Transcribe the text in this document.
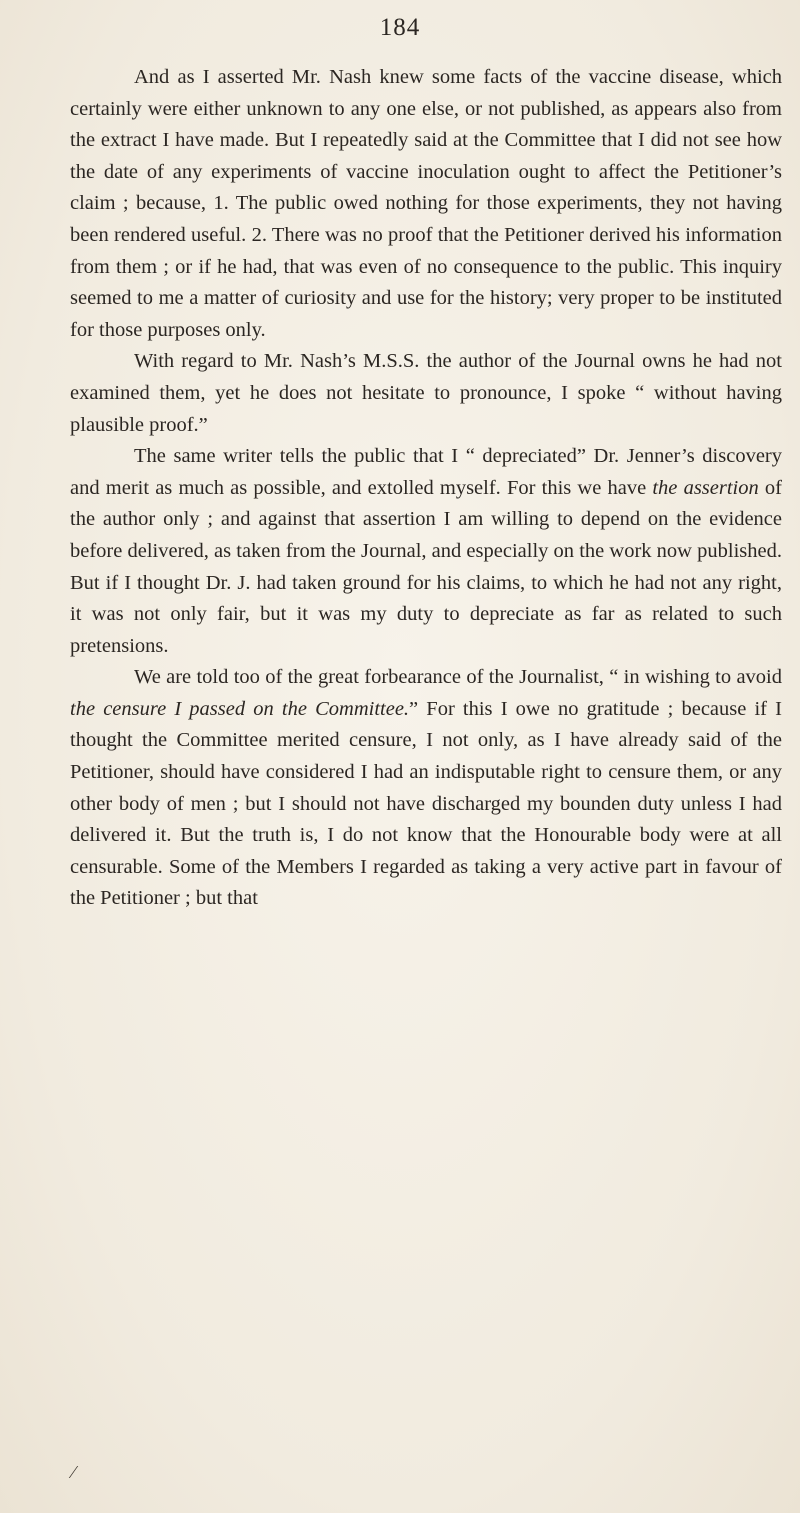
184

And as I asserted Mr. Nash knew some facts of the vaccine disease, which certainly were either unknown to any one else, or not published, as appears also from the extract I have made. But I repeatedly said at the Committee that I did not see how the date of any experiments of vaccine inoculation ought to affect the Petitioner’s claim ; because, 1. The public owed nothing for those experiments, they not having been rendered useful. 2. There was no proof that the Petitioner derived his information from them ; or if he had, that was even of no consequence to the public. This inquiry seemed to me a matter of curiosity and use for the history; very proper to be instituted for those purposes only.

With regard to Mr. Nash’s M.S.S. the author of the Journal owns he had not examined them, yet he does not hesitate to pronounce, I spoke “ without having plausible proof.”

The same writer tells the public that I “ depreciated” Dr. Jenner’s discovery and merit as much as possible, and extolled myself. For this we have the assertion of the author only ; and against that assertion I am willing to depend on the evidence before delivered, as taken from the Journal, and especially on the work now published. But if I thought Dr. J. had taken ground for his claims, to which he had not any right, it was not only fair, but it was my duty to depreciate as far as related to such pretensions.

We are told too of the great forbearance of the Journalist, “ in wishing to avoid the censure I passed on the Committee.” For this I owe no gratitude ; because if I thought the Committee merited censure, I not only, as I have already said of the Petitioner, should have considered I had an indisputable right to censure them, or any other body of men ; but I should not have discharged my bounden duty unless I had delivered it. But the truth is, I do not know that the Honourable body were at all censurable. Some of the Members I regarded as taking a very active part in favour of the Petitioner ; but that

⁄
